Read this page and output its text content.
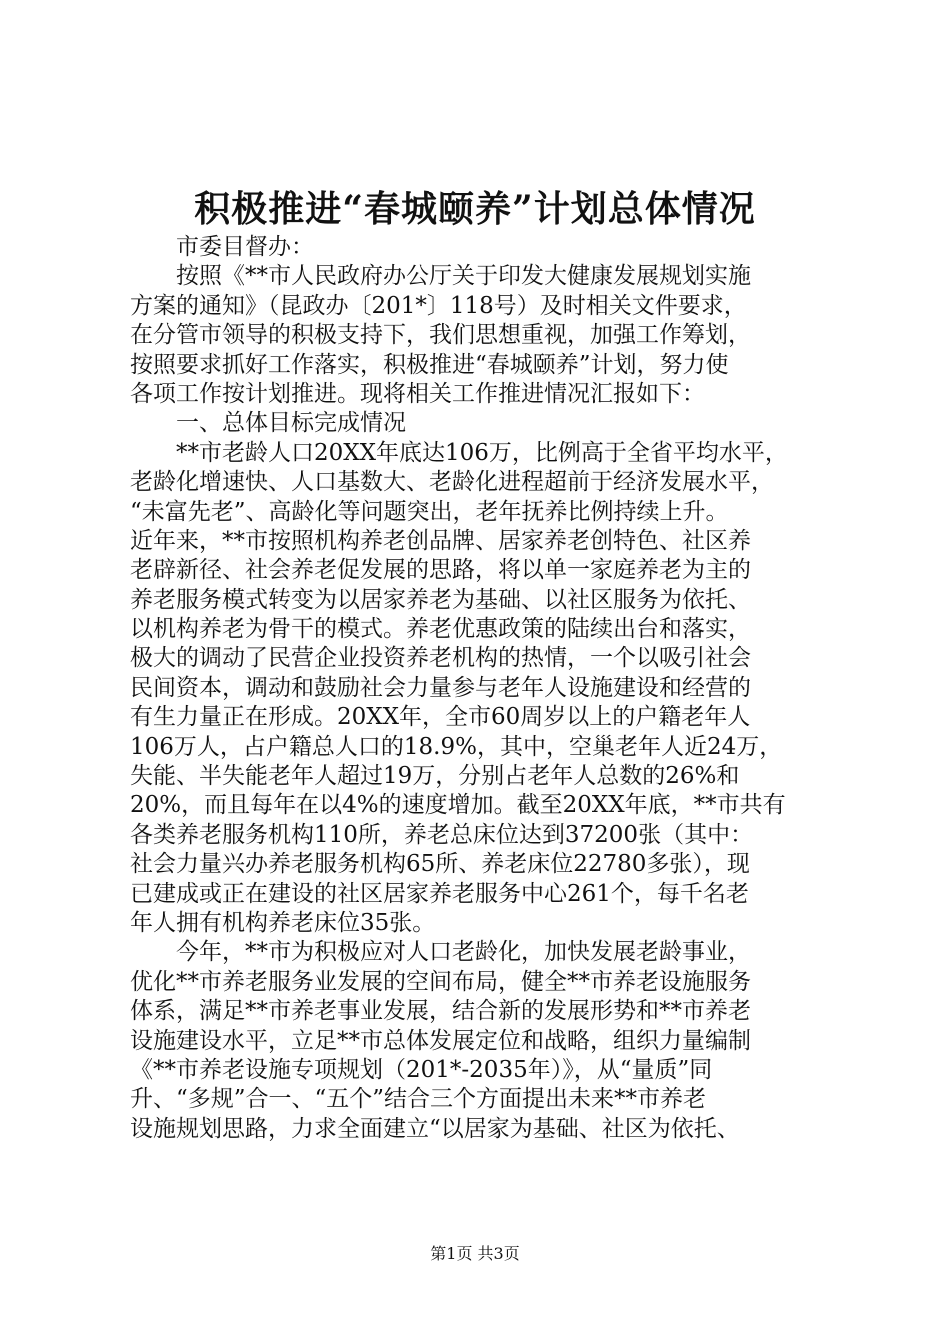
积极推进“春城颐养”计划总体情况
市委目督办：
按照《**市人民政府办公厅关于印发大健康发展规划实施
方案的通知》（昆政办〔201*〕118号）及时相关文件要求，
在分管市领导的积极支持下，我们思想重视，加强工作筹划，
按照要求抓好工作落实，积极推进“春城颐养”计划，努力使
各项工作按计划推进。现将相关工作推进情况汇报如下：
一、总体目标完成情况
**市老龄人口20XX年底达106万，比例高于全省平均水平，
老龄化增速快、人口基数大、老龄化进程超前于经济发展水平，
“未富先老”、高龄化等问题突出，老年抚养比例持续上升。
近年来，**市按照机构养老创品牌、居家养老创特色、社区养
老辟新径、社会养老促发展的思路，将以单一家庭养老为主的
养老服务模式转变为以居家养老为基础、以社区服务为依托、
以机构养老为骨干的模式。养老优惠政策的陆续出台和落实，
极大的调动了民营企业投资养老机构的热情，一个以吸引社会
民间资本，调动和鼓励社会力量参与老年人设施建设和经营的
有生力量正在形成。20XX年，全市60周岁以上的户籍老年人
106万人，占户籍总人口的18.9%，其中，空巢老年人近24万，
失能、半失能老年人超过19万，分别占老年人总数的26%和
20%，而且每年在以4%的速度增加。截至20XX年底，**市共有
各类养老服务机构110所，养老总床位达到37200张（其中：
社会力量兴办养老服务机构65所、养老床位22780多张），现
已建成或正在建设的社区居家养老服务中心261个，每千名老
年人拥有机构养老床位35张。
今年，**市为积极应对人口老龄化，加快发展老龄事业，
优化**市养老服务业发展的空间布局，健全**市养老设施服务
体系，满足**市养老事业发展，结合新的发展形势和**市养老
设施建设水平，立足**市总体发展定位和战略，组织力量编制
《**市养老设施专项规划（201*-2035年）》，从“量质”同
升、“多规”合一、“五个”结合三个方面提出未来**市养老
设施规划思路，力求全面建立“以居家为基础、社区为依托、
第1页 共3页
